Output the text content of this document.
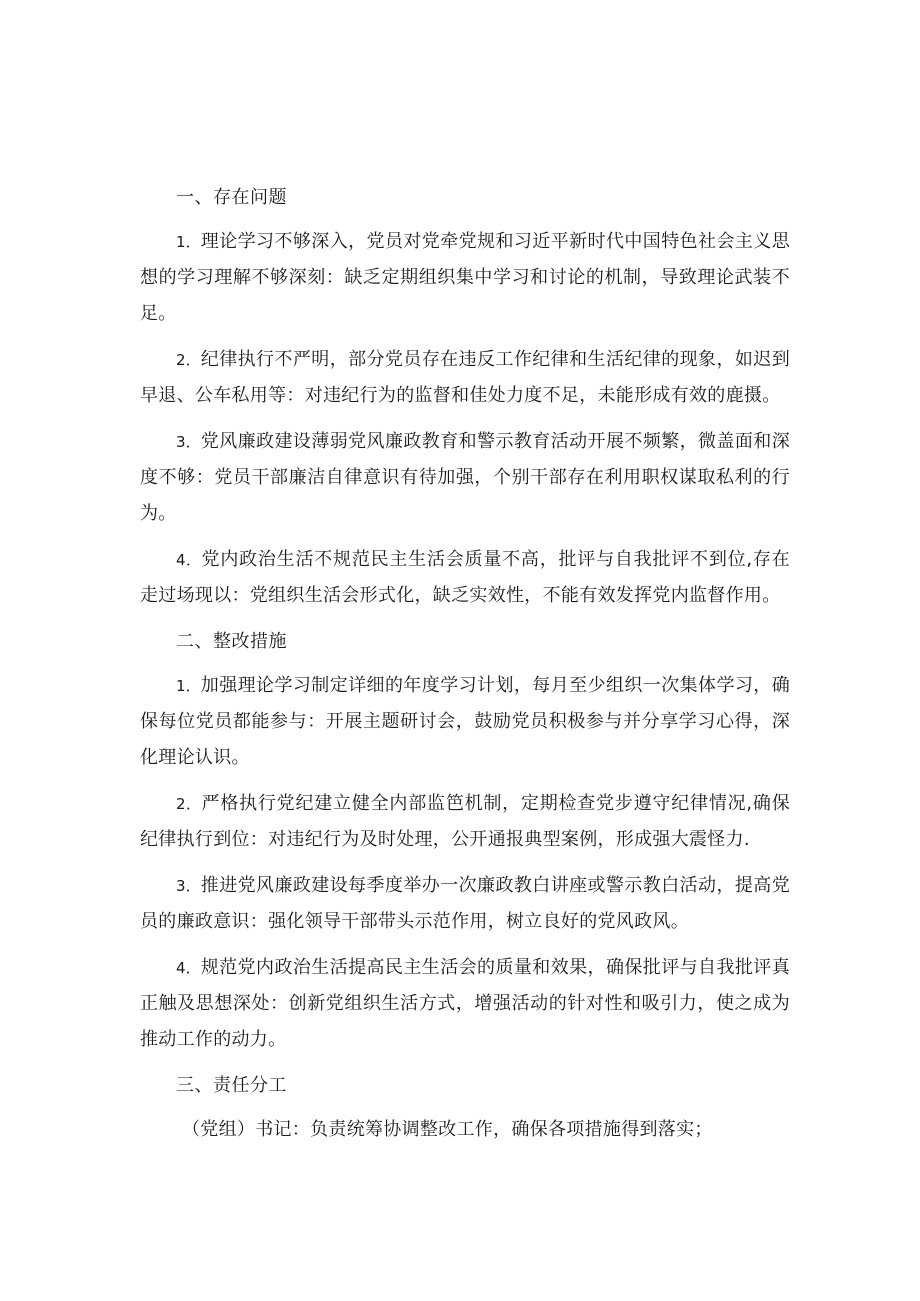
一、存在问题

1．理论学习不够深入，党员对党牵党规和习近平新时代中国特色社会主义思想的学习理解不够深刻：缺乏定期组织集中学习和讨论的机制，导致理论武装不足。

2．纪律执行不严明，部分党员存在违反工作纪律和生活纪律的现象，如迟到早退、公车私用等：对违纪行为的监督和佳处力度不足，未能形成有效的鹿摄。

3．党风廉政建设薄弱党风廉政教育和警示教育活动开展不频繁，微盖面和深度不够：党员干部廉洁自律意识有待加强，个别干部存在利用职权谋取私利的行为。

4．党内政治生活不规范民主生活会质量不高，批评与自我批评不到位,存在走过场现以：党组织生活会形式化，缺乏实效性，不能有效发挥党内监督作用。

二、整改措施

1．加强理论学习制定详细的年度学习计划，每月至少组织一次集体学习，确保每位党员都能参与：开展主题研讨会，鼓励党员积极参与并分享学习心得，深化理论认识。

2．严格执行党纪建立健全内部监笆机制，定期检查党步遵守纪律情况,确保纪律执行到位：对违纪行为及时处理，公开通报典型案例，形成强大震怪力.

3．推进党风廉政建设每季度举办一次廉政教白讲座或警示教白活动，提高党员的廉政意识：强化领导干部带头示范作用，树立良好的党风政风。

4．规范党内政治生活提高民主生活会的质量和效果，确保批评与自我批评真正触及思想深处：创新党组织生活方式，增强活动的针对性和吸引力，使之成为推动工作的动力。

三、责任分工

（党组）书记：负责统筹协调整改工作，确保各项措施得到落实；
